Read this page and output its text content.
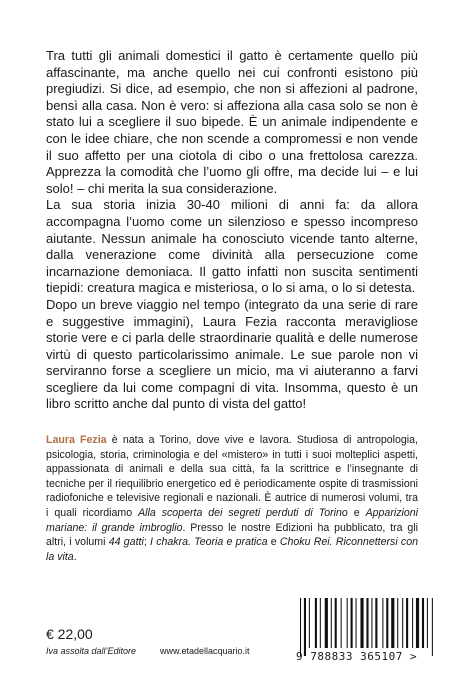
Tra tutti gli animali domestici il gatto è certamente quello più affascinante, ma anche quello nei cui confronti esistono più pregiudizi. Si dice, ad esempio, che non si affezioni al padrone, bensì alla casa. Non è vero: si affeziona alla casa solo se non è stato lui a scegliere il suo bipede. È un animale indipendente e con le idee chiare, che non scende a compromessi e non vende il suo affetto per una ciotola di cibo o una frettolosa carezza. Apprezza la comodità che l’uomo gli offre, ma decide lui – e lui solo! – chi merita la sua considerazione.

La sua storia inizia 30-40 milioni di anni fa: da allora accompagna l’uomo come un silenzioso e spesso incompreso aiutante. Nessun animale ha conosciuto vicende tanto alterne, dalla venerazione come divinità alla persecuzione come incarnazione demoniaca. Il gatto infatti non suscita sentimenti tiepidi: creatura magica e misteriosa, o lo si ama, o lo si detesta.

Dopo un breve viaggio nel tempo (integrato da una serie di rare e suggestive immagini), Laura Fezia racconta meravigliose storie vere e ci parla delle straordinarie qualità e delle numerose virtù di questo particolarissimo animale. Le sue parole non vi serviranno forse a scegliere un micio, ma vi aiuteranno a farvi scegliere da lui come compagni di vita. Insomma, questo è un libro scritto anche dal punto di vista del gatto!

Laura Fezia è nata a Torino, dove vive e lavora. Studiosa di antropologia, psicologia, storia, criminologia e del «mistero» in tutti i suoi molteplici aspetti, appassionata di animali e della sua città, fa la scrittrice e l’insegnante di tecniche per il riequilibrio energetico ed è periodicamente ospite di trasmissioni radiofoniche e televisive regionali e nazionali. È autrice di numerosi volumi, tra i quali ricordiamo Alla scoperta dei segreti perduti di Torino e Apparizioni mariane: il grande imbroglio. Presso le nostre Edizioni ha pubblicato, tra gli altri, i volumi 44 gatti; I chakra. Teoria e pratica e Choku Rei. Riconnettersi con la vita.

€ 22,00
Iva assolta dall’Editore	www.etadellacquario.it	9 788833 365107 >
